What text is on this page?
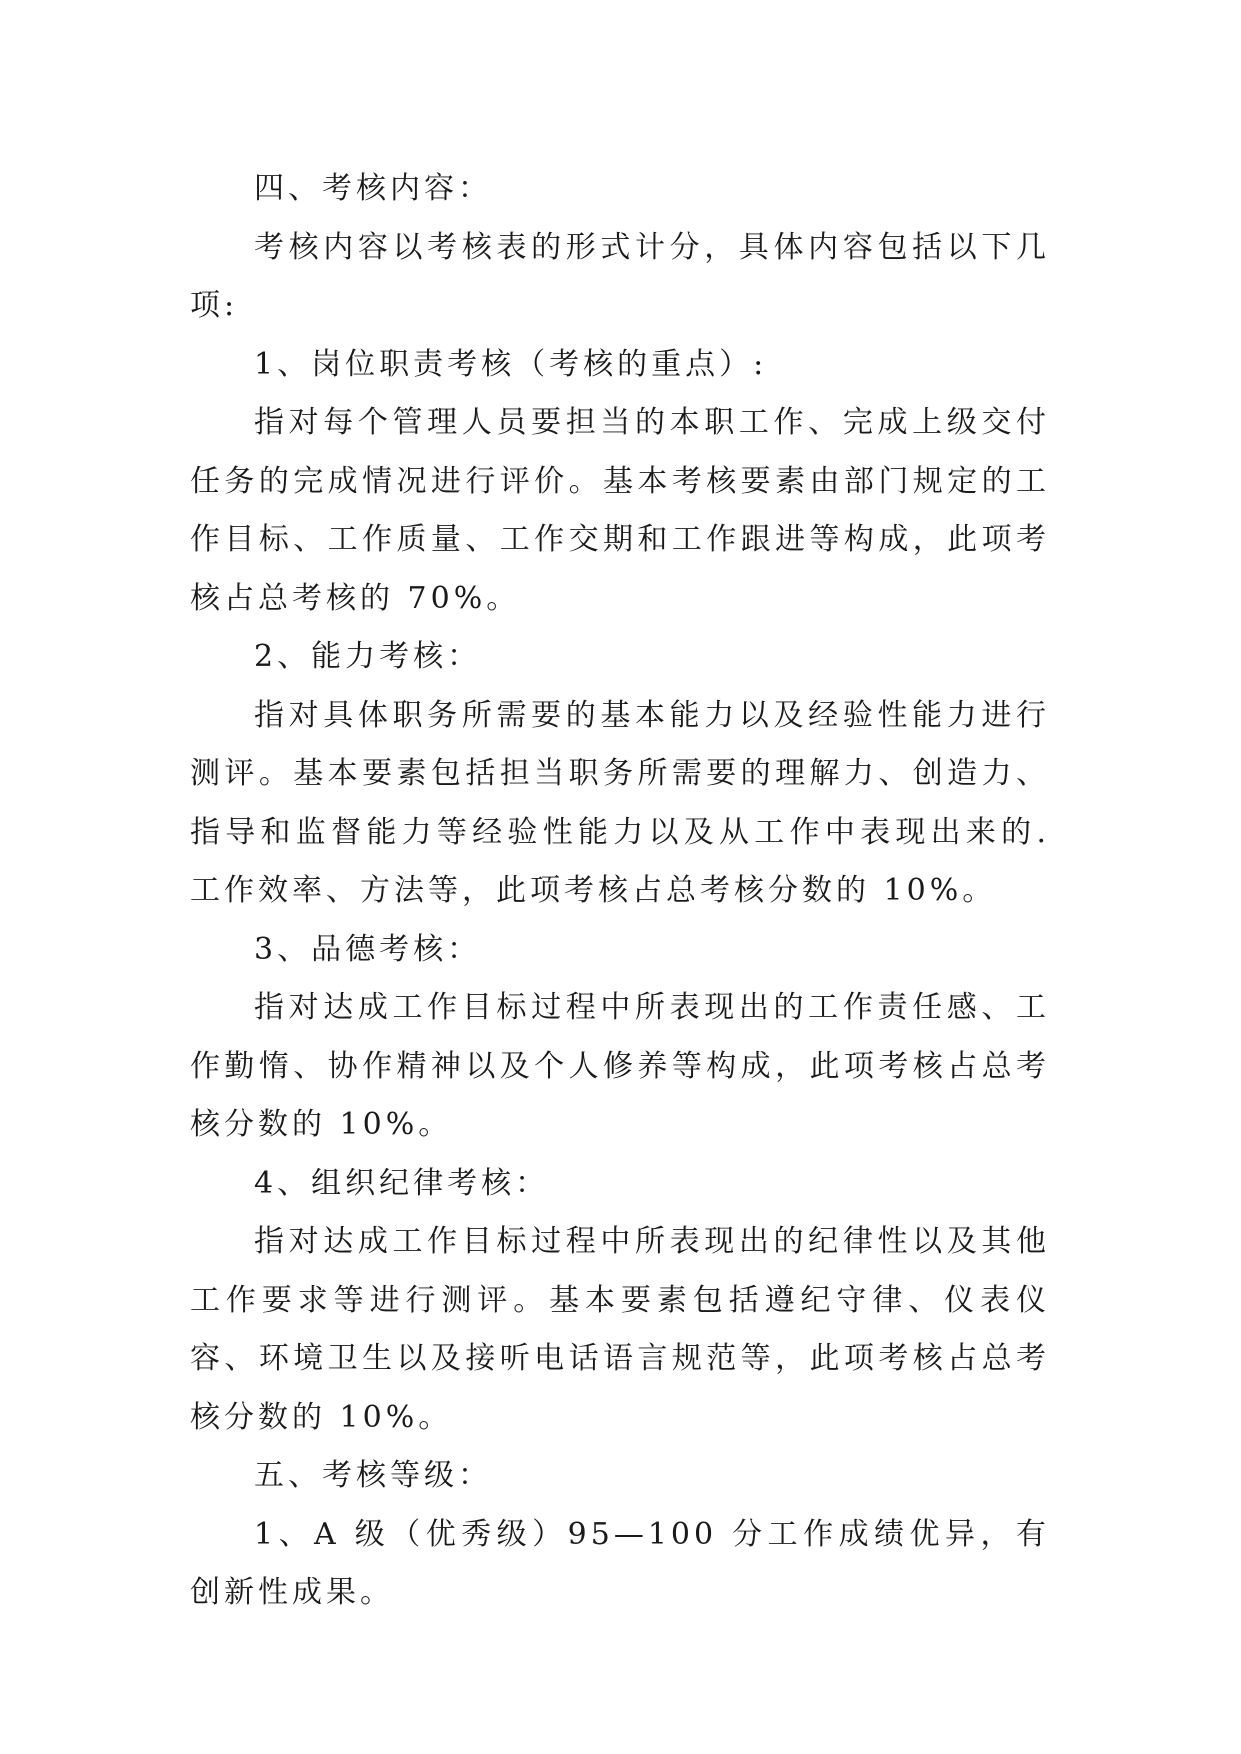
四、考核内容：

考核内容以考核表的形式计分，具体内容包括以下几项:

1、岗位职责考核（考核的重点）:

指对每个管理人员要担当的本职工作、完成上级交付任务的完成情况进行评价。基本考核要素由部门规定的工作目标、工作质量、工作交期和工作跟进等构成，此项考核占总考核的 70%。

2、能力考核：

指对具体职务所需要的基本能力以及经验性能力进行测评。基本要素包括担当职务所需要的理解力、创造力、指导和监督能力等经验性能力以及从工作中表现出来的.工作效率、方法等，此项考核占总考核分数的 10%。

3、品德考核：

指对达成工作目标过程中所表现出的工作责任感、工作勤惰、协作精神以及个人修养等构成，此项考核占总考核分数的 10%。

4、组织纪律考核：

指对达成工作目标过程中所表现出的纪律性以及其他工作要求等进行测评。基本要素包括遵纪守律、仪表仪容、环境卫生以及接听电话语言规范等，此项考核占总考核分数的 10%。

五、考核等级：

1、A 级（优秀级）95—100 分工作成绩优异，有创新性成果。
